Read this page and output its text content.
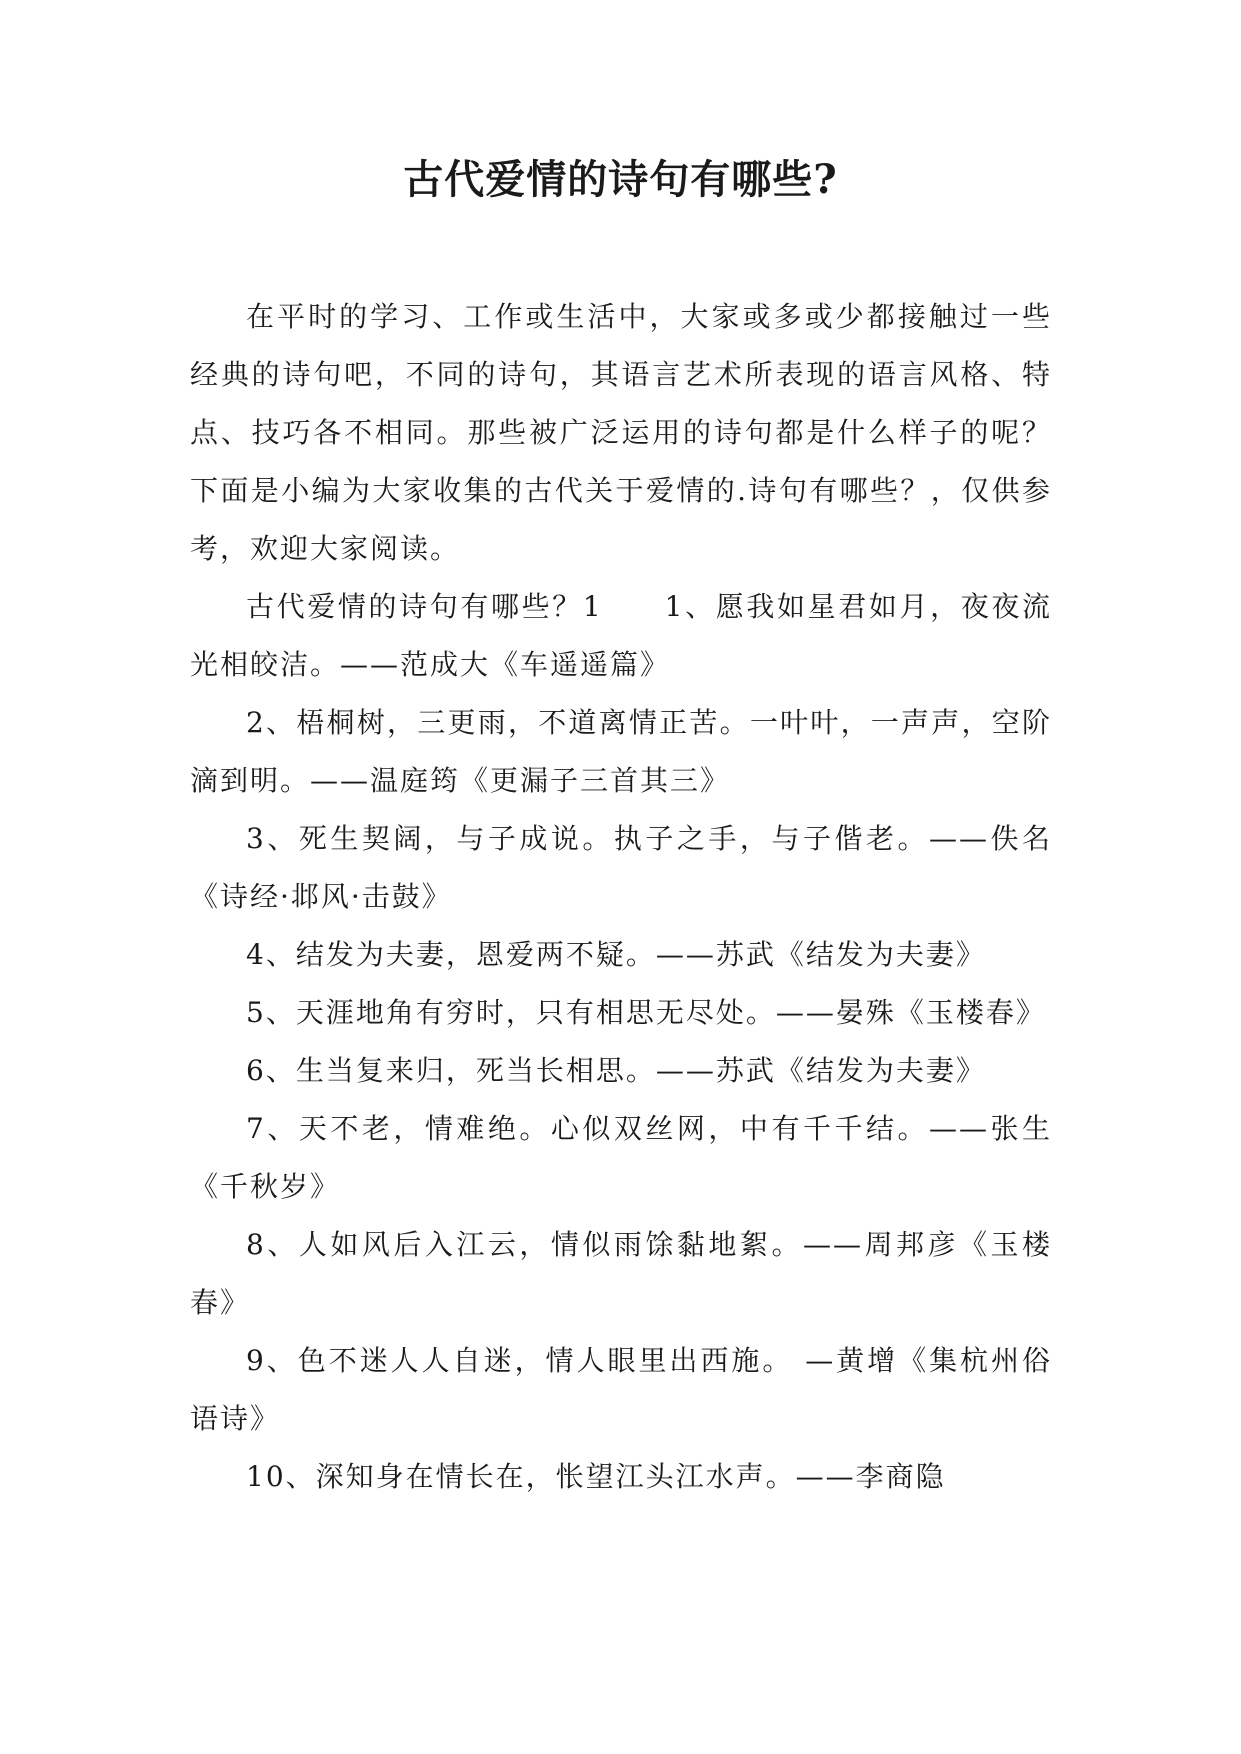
古代爱情的诗句有哪些?

在平时的学习、工作或生活中，大家或多或少都接触过一些经典的诗句吧，不同的诗句，其语言艺术所表现的语言风格、特点、技巧各不相同。那些被广泛运用的诗句都是什么样子的呢？下面是小编为大家收集的古代关于爱情的.诗句有哪些？，仅供参考，欢迎大家阅读。

古代爱情的诗句有哪些？1　　1、愿我如星君如月，夜夜流光相皎洁。——范成大《车遥遥篇》

2、梧桐树，三更雨，不道离情正苦。一叶叶，一声声，空阶滴到明。——温庭筠《更漏子三首其三》

3、死生契阔，与子成说。执子之手，与子偕老。——佚名《诗经·邶风·击鼓》

4、结发为夫妻，恩爱两不疑。——苏武《结发为夫妻》

5、天涯地角有穷时，只有相思无尽处。——晏殊《玉楼春》

6、生当复来归，死当长相思。——苏武《结发为夫妻》

7、天不老，情难绝。心似双丝网，中有千千结。——张生《千秋岁》

8、人如风后入江云，情似雨馀黏地絮。——周邦彦《玉楼春》

9、色不迷人人自迷，情人眼里出西施。 —黄增《集杭州俗语诗》

10、深知身在情长在，怅望江头江水声。——李商隐
